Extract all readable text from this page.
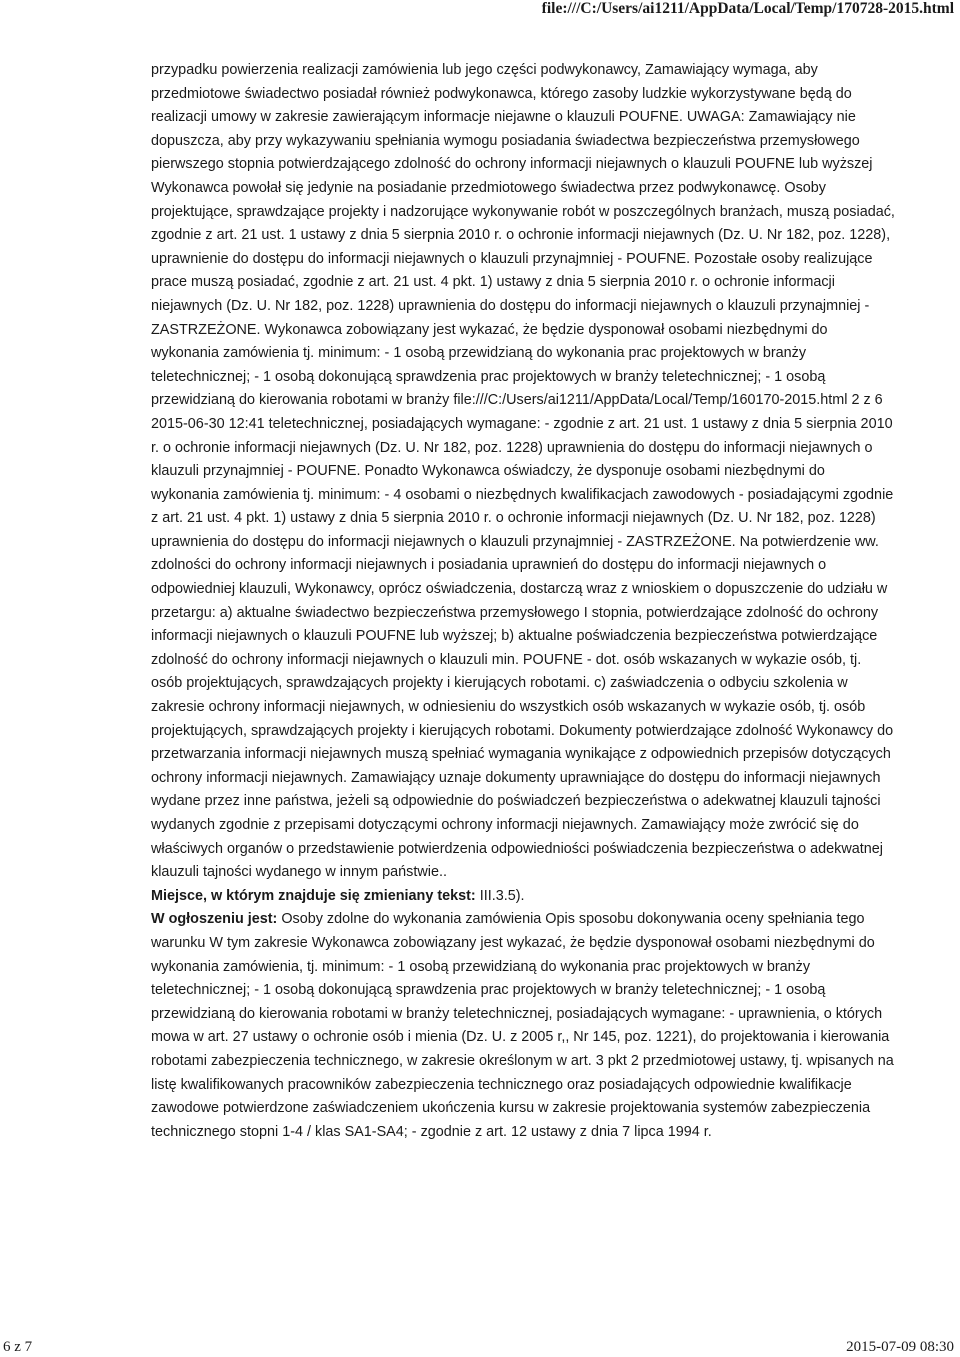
file:///C:/Users/ai1211/AppData/Local/Temp/170728-2015.html

przypadku powierzenia realizacji zamówienia lub jego części podwykonawcy, Zamawiający wymaga, aby przedmiotowe świadectwo posiadał również podwykonawca, którego zasoby ludzkie wykorzystywane będą do realizacji umowy w zakresie zawierającym informacje niejawne o klauzuli POUFNE. UWAGA: Zamawiający nie dopuszcza, aby przy wykazywaniu spełniania wymogu posiadania świadectwa bezpieczeństwa przemysłowego pierwszego stopnia potwierdzającego zdolność do ochrony informacji niejawnych o klauzuli POUFNE lub wyższej Wykonawca powołał się jedynie na posiadanie przedmiotowego świadectwa przez podwykonawcę. Osoby projektujące, sprawdzające projekty i nadzorujące wykonywanie robót w poszczególnych branżach, muszą posiadać, zgodnie z art. 21 ust. 1 ustawy z dnia 5 sierpnia 2010 r. o ochronie informacji niejawnych (Dz. U. Nr 182, poz. 1228), uprawnienie do dostępu do informacji niejawnych o klauzuli przynajmniej - POUFNE. Pozostałe osoby realizujące prace muszą posiadać, zgodnie z art. 21 ust. 4 pkt. 1) ustawy z dnia 5 sierpnia 2010 r. o ochronie informacji niejawnych (Dz. U. Nr 182, poz. 1228) uprawnienia do dostępu do informacji niejawnych o klauzuli przynajmniej - ZASTRZEŻONE. Wykonawca zobowiązany jest wykazać, że będzie dysponował osobami niezbędnymi do wykonania zamówienia tj. minimum: - 1 osobą przewidzianą do wykonania prac projektowych w branży teletechnicznej; - 1 osobą dokonującą sprawdzenia prac projektowych w branży teletechnicznej; - 1 osobą przewidzianą do kierowania robotami w branży file:///C:/Users/ai1211/AppData/Local/Temp/160170-2015.html 2 z 6 2015-06-30 12:41 teletechnicznej, posiadających wymagane: - zgodnie z art. 21 ust. 1 ustawy z dnia 5 sierpnia 2010 r. o ochronie informacji niejawnych (Dz. U. Nr 182, poz. 1228) uprawnienia do dostępu do informacji niejawnych o klauzuli przynajmniej - POUFNE. Ponadto Wykonawca oświadczy, że dysponuje osobami niezbędnymi do wykonania zamówienia tj. minimum: - 4 osobami o niezbędnych kwalifikacjach zawodowych - posiadającymi zgodnie z art. 21 ust. 4 pkt. 1) ustawy z dnia 5 sierpnia 2010 r. o ochronie informacji niejawnych (Dz. U. Nr 182, poz. 1228) uprawnienia do dostępu do informacji niejawnych o klauzuli przynajmniej - ZASTRZEŻONE. Na potwierdzenie ww. zdolności do ochrony informacji niejawnych i posiadania uprawnień do dostępu do informacji niejawnych o odpowiedniej klauzuli, Wykonawcy, oprócz oświadczenia, dostarczą wraz z wnioskiem o dopuszczenie do udziału w przetargu: a) aktualne świadectwo bezpieczeństwa przemysłowego I stopnia, potwierdzające zdolność do ochrony informacji niejawnych o klauzuli POUFNE lub wyższej; b) aktualne poświadczenia bezpieczeństwa potwierdzające zdolność do ochrony informacji niejawnych o klauzuli min. POUFNE - dot. osób wskazanych w wykazie osób, tj. osób projektujących, sprawdzających projekty i kierujących robotami. c) zaświadczenia o odbyciu szkolenia w zakresie ochrony informacji niejawnych, w odniesieniu do wszystkich osób wskazanych w wykazie osób, tj. osób projektujących, sprawdzających projekty i kierujących robotami. Dokumenty potwierdzające zdolność Wykonawcy do przetwarzania informacji niejawnych muszą spełniać wymagania wynikające z odpowiednich przepisów dotyczących ochrony informacji niejawnych. Zamawiający uznaje dokumenty uprawniające do dostępu do informacji niejawnych wydane przez inne państwa, jeżeli są odpowiednie do poświadczeń bezpieczeństwa o adekwatnej klauzuli tajności wydanych zgodnie z przepisami dotyczącymi ochrony informacji niejawnych. Zamawiający może zwrócić się do właściwych organów o przedstawienie potwierdzenia odpowiedniości poświadczenia bezpieczeństwa o adekwatnej klauzuli tajności wydanego w innym państwie..

Miejsce, w którym znajduje się zmieniany tekst: III.3.5).

W ogłoszeniu jest: Osoby zdolne do wykonania zamówienia Opis sposobu dokonywania oceny spełniania tego warunku W tym zakresie Wykonawca zobowiązany jest wykazać, że będzie dysponował osobami niezbędnymi do wykonania zamówienia, tj. minimum: - 1 osobą przewidzianą do wykonania prac projektowych w branży teletechnicznej; - 1 osobą dokonującą sprawdzenia prac projektowych w branży teletechnicznej; - 1 osobą przewidzianą do kierowania robotami w branży teletechnicznej, posiadających wymagane: - uprawnienia, o których mowa w art. 27 ustawy o ochronie osób i mienia (Dz. U. z 2005 r,, Nr 145, poz. 1221), do projektowania i kierowania robotami zabezpieczenia technicznego, w zakresie określonym w art. 3 pkt 2 przedmiotowej ustawy, tj. wpisanych na listę kwalifikowanych pracowników zabezpieczenia technicznego oraz posiadających odpowiednie kwalifikacje zawodowe potwierdzone zaświadczeniem ukończenia kursu w zakresie projektowania systemów zabezpieczenia technicznego stopni 1-4 / klas SA1-SA4; - zgodnie z art. 12 ustawy z dnia 7 lipca 1994 r.

6 z 7	2015-07-09 08:30
